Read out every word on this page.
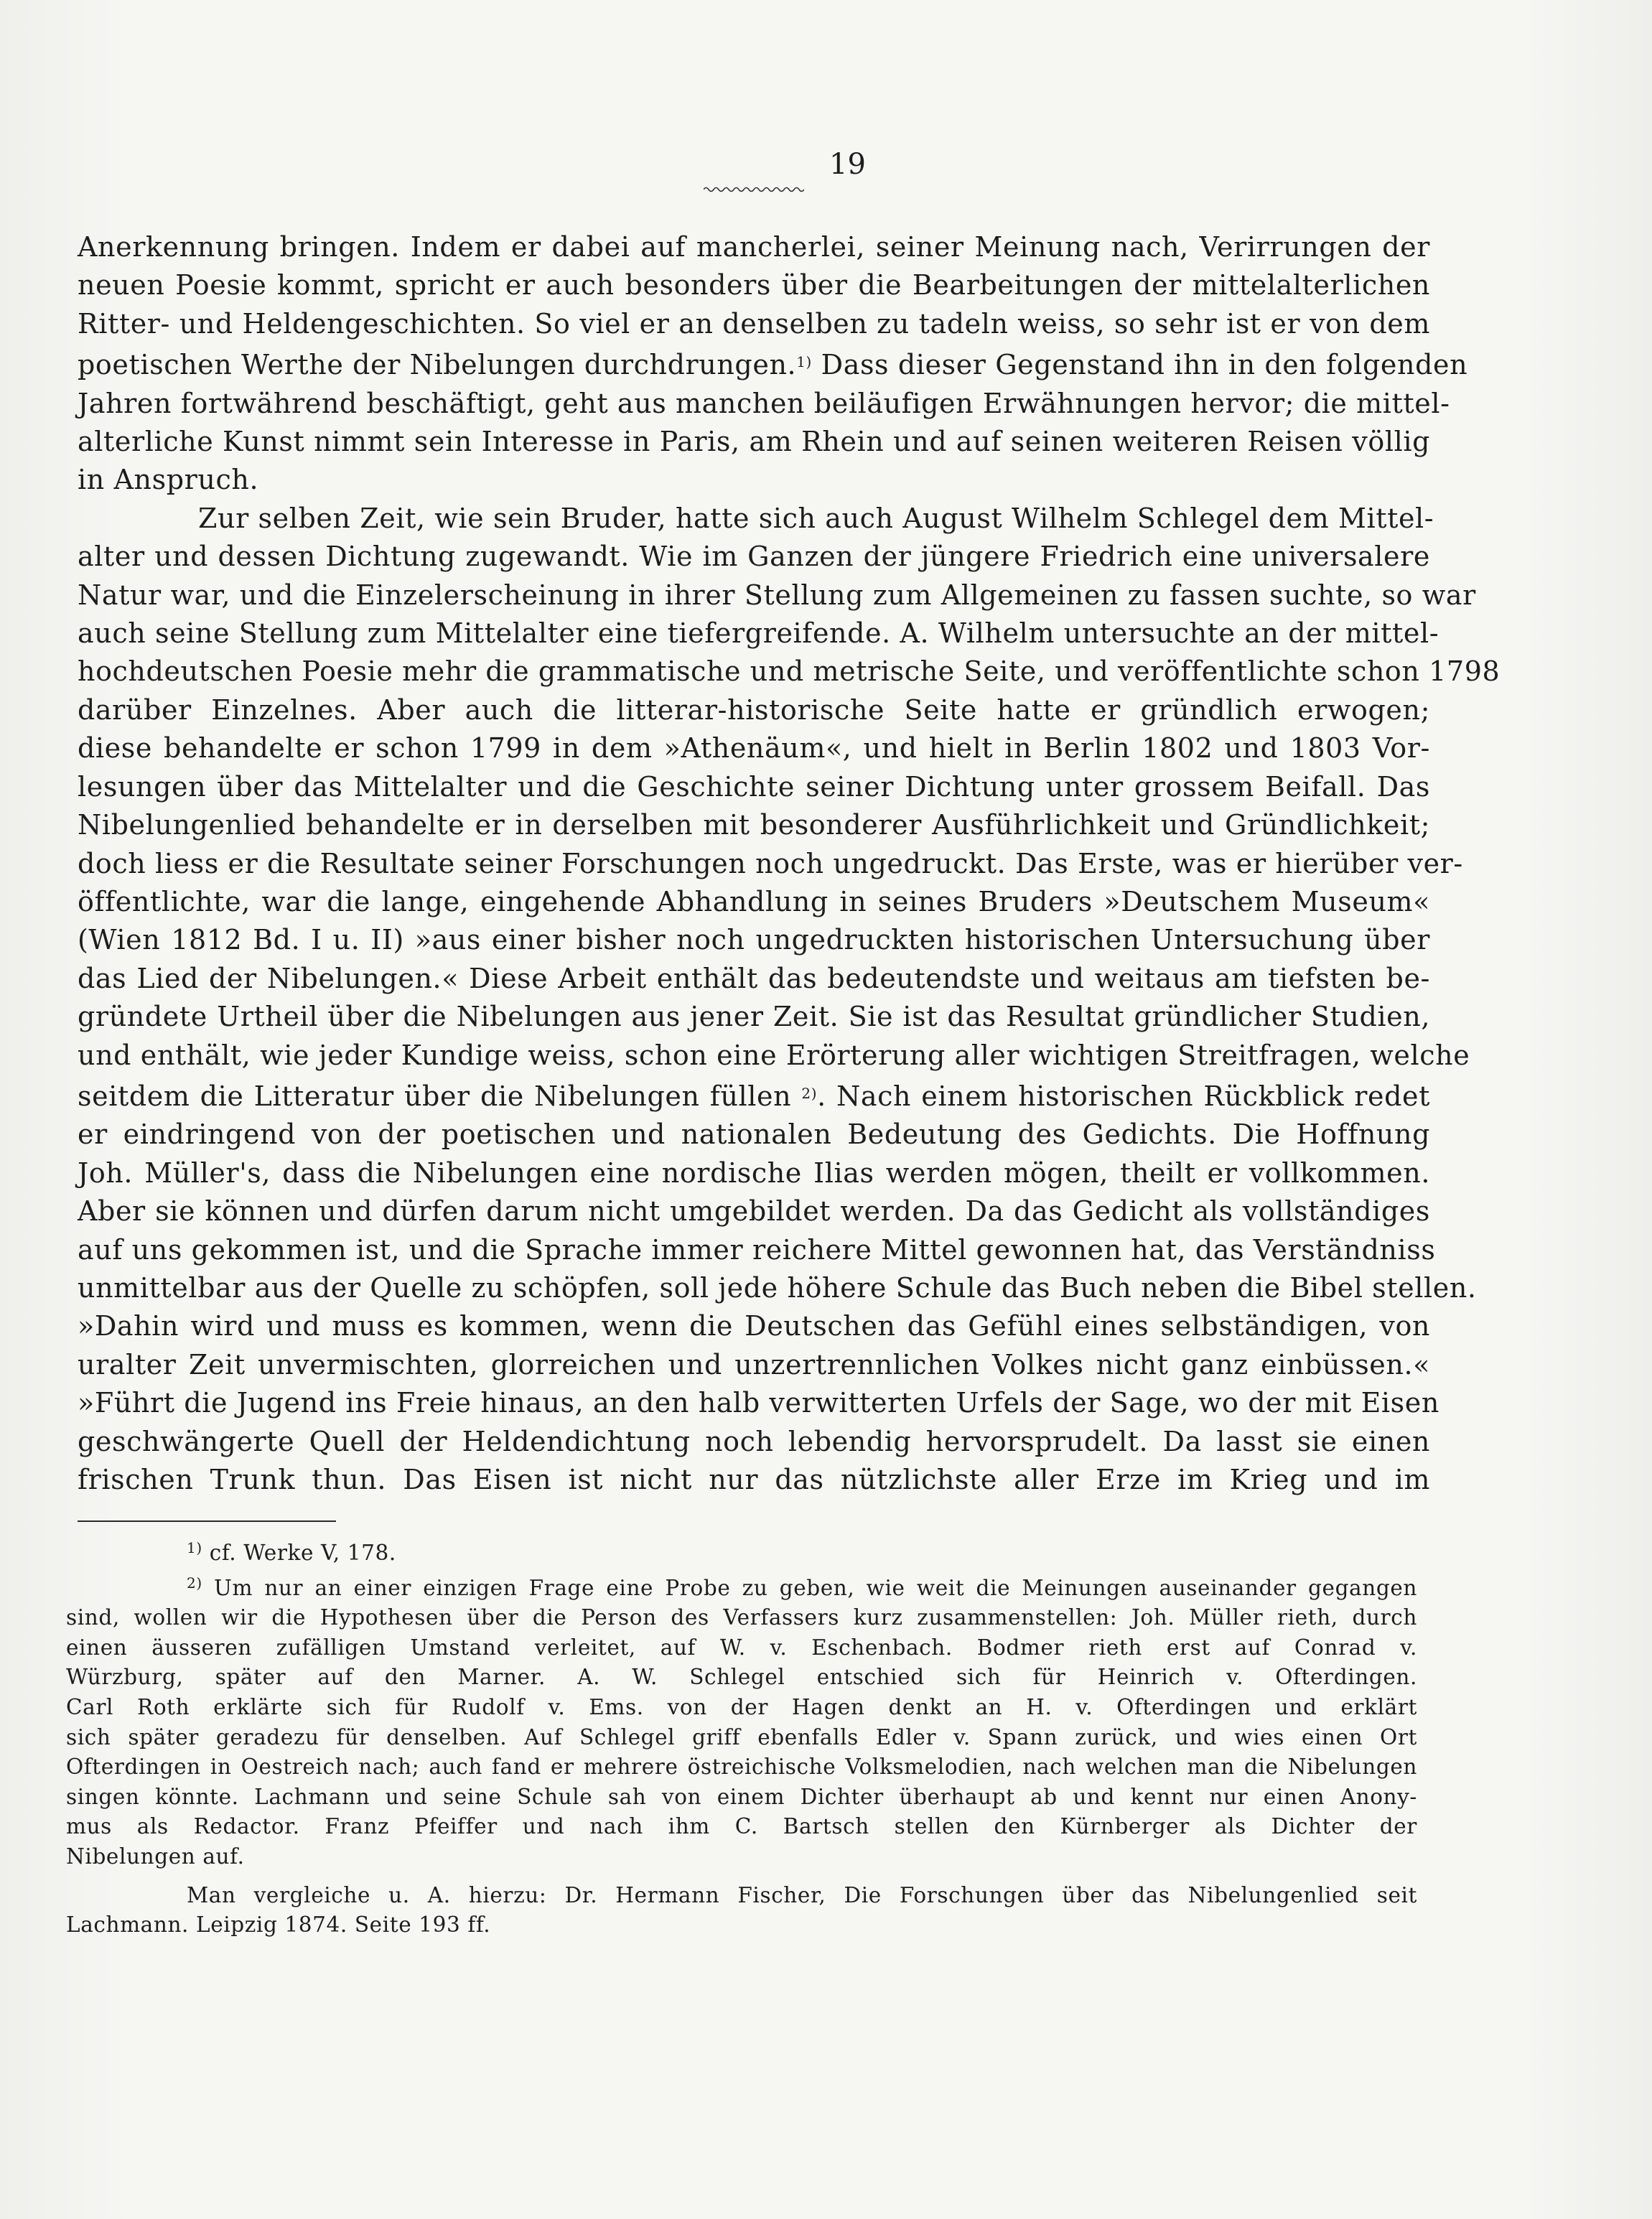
19
Anerkennung bringen. Indem er dabei auf mancherlei, seiner Meinung nach, Verirrungen der
neuen Poesie kommt, spricht er auch besonders über die Bearbeitungen der mittelalterlichen
Ritter- und Heldengeschichten. So viel er an denselben zu tadeln weiss, so sehr ist er von dem
poetischen Werthe der Nibelungen durchdrungen.$^{1)}$ Dass dieser Gegenstand ihn in den folgenden
Jahren fortwährend beschäftigt, geht aus manchen beiläufigen Erwähnungen hervor; die mittel-
alterliche Kunst nimmt sein Interesse in Paris, am Rhein und auf seinen weiteren Reisen völlig
in Anspruch.
Zur selben Zeit, wie sein Bruder, hatte sich auch August Wilhelm Schlegel dem Mittel-
alter und dessen Dichtung zugewandt. Wie im Ganzen der jüngere Friedrich eine universalere
Natur war, und die Einzelerscheinung in ihrer Stellung zum Allgemeinen zu fassen suchte, so war
auch seine Stellung zum Mittelalter eine tiefergreifende. A. Wilhelm untersuchte an der mittel-
hochdeutschen Poesie mehr die grammatische und metrische Seite, und veröffentlichte schon 1798
darüber Einzelnes. Aber auch die litterar-historische Seite hatte er gründlich erwogen;
diese behandelte er schon 1799 in dem »Athenäum«, und hielt in Berlin 1802 und 1803 Vor-
lesungen über das Mittelalter und die Geschichte seiner Dichtung unter grossem Beifall. Das
Nibelungenlied behandelte er in derselben mit besonderer Ausführlichkeit und Gründlichkeit;
doch liess er die Resultate seiner Forschungen noch ungedruckt. Das Erste, was er hierüber ver-
öffentlichte, war die lange, eingehende Abhandlung in seines Bruders »Deutschem Museum«
(Wien 1812 Bd. I u. II) »aus einer bisher noch ungedruckten historischen Untersuchung über
das Lied der Nibelungen.« Diese Arbeit enthält das bedeutendste und weitaus am tiefsten be-
gründete Urtheil über die Nibelungen aus jener Zeit. Sie ist das Resultat gründlicher Studien,
und enthält, wie jeder Kundige weiss, schon eine Erörterung aller wichtigen Streitfragen, welche
seitdem die Litteratur über die Nibelungen füllen $^{2)}$. Nach einem historischen Rückblick redet
er eindringend von der poetischen und nationalen Bedeutung des Gedichts. Die Hoffnung
Joh. Müller's, dass die Nibelungen eine nordische Ilias werden mögen, theilt er vollkommen.
Aber sie können und dürfen darum nicht umgebildet werden. Da das Gedicht als vollständiges
auf uns gekommen ist, und die Sprache immer reichere Mittel gewonnen hat, das Verständniss
unmittelbar aus der Quelle zu schöpfen, soll jede höhere Schule das Buch neben die Bibel stellen.
»Dahin wird und muss es kommen, wenn die Deutschen das Gefühl eines selbständigen, von
uralter Zeit unvermischten, glorreichen und unzertrennlichen Volkes nicht ganz einbüssen.«
»Führt die Jugend ins Freie hinaus, an den halb verwitterten Urfels der Sage, wo der mit Eisen
geschwängerte Quell der Heldendichtung noch lebendig hervorsprudelt. Da lasst sie einen
frischen Trunk thun. Das Eisen ist nicht nur das nützlichste aller Erze im Krieg und im
$^{1)}$ cf. Werke V, 178.
$^{2)}$ Um nur an einer einzigen Frage eine Probe zu geben, wie weit die Meinungen auseinander gegangen
sind, wollen wir die Hypothesen über die Person des Verfassers kurz zusammenstellen: Joh. Müller rieth, durch
einen äusseren zufälligen Umstand verleitet, auf W. v. Eschenbach. Bodmer rieth erst auf Conrad v.
Würzburg, später auf den Marner. A. W. Schlegel entschied sich für Heinrich v. Ofterdingen.
Carl Roth erklärte sich für Rudolf v. Ems. von der Hagen denkt an H. v. Ofterdingen und erklärt
sich später geradezu für denselben. Auf Schlegel griff ebenfalls Edler v. Spann zurück, und wies einen Ort
Ofterdingen in Oestreich nach; auch fand er mehrere östreichische Volksmelodien, nach welchen man die Nibelungen
singen könnte. Lachmann und seine Schule sah von einem Dichter überhaupt ab und kennt nur einen Anony-
mus als Redactor. Franz Pfeiffer und nach ihm C. Bartsch stellen den Kürnberger als Dichter der
Nibelungen auf.
Man vergleiche u. A. hierzu: Dr. Hermann Fischer, Die Forschungen über das Nibelungenlied seit
Lachmann. Leipzig 1874. Seite 193 ff.
